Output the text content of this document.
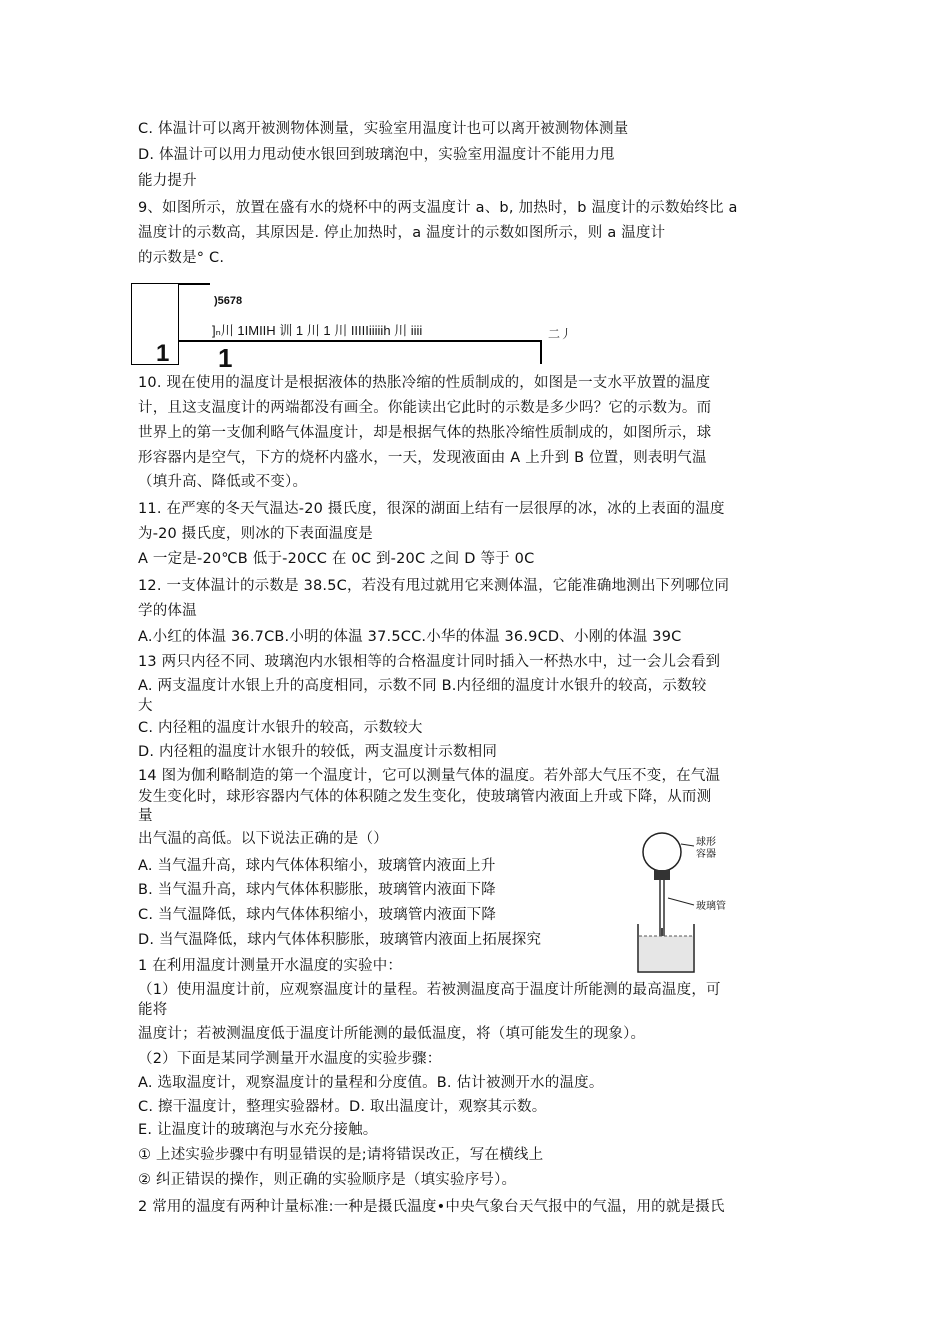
C. 体温计可以离开被测物体测量，实验室用温度计也可以离开被测物体测量
D. 体温计可以用力甩动使水银回到玻璃泡中，实验室用温度计不能用力甩
能力提升
9、如图所示，放置在盛有水的烧杯中的两支温度计 a、b, 加热时，b 温度计的示数始终比 a
温度计的示数高，其原因是. 停止加热时，a 温度计的示数如图所示，则 a 温度计
的示数是° C.
1
)5678
]ₙ川 1IMIIH 训 1 川 1 川 IIIIIiiiiih 川 iiii
1
二丿
10. 现在使用的温度计是根据液体的热胀冷缩的性质制成的，如图是一支水平放置的温度
计，且这支温度计的两端都没有画全。你能读出它此时的示数是多少吗？它的示数为。而
世界上的第一支伽利略气体温度计，却是根据气体的热胀冷缩性质制成的，如图所示，球
形容器内是空气，下方的烧杯内盛水，一天，发现液面由 A 上升到 B 位置，则表明气温
（填升高、降低或不变）。
11. 在严寒的冬天气温达-20 摄氏度，很深的湖面上结有一层很厚的冰，冰的上表面的温度
为-20 摄氏度，则冰的下表面温度是
A 一定是-20℃B 低于-20CC 在 0C 到-20C 之间 D 等于 0C
12. 一支体温计的示数是 38.5C，若没有甩过就用它来测体温，它能准确地测出下列哪位同
学的体温
A.小红的体温 36.7CB.小明的体温 37.5CC.小华的体温 36.9CD、小刚的体温 39C
13 两只内径不同、玻璃泡内水银相等的合格温度计同时插入一杯热水中，过一会儿会看到
A. 两支温度计水银上升的高度相同，示数不同 B.内径细的温度计水银升的较高，示数较
大
C. 内径粗的温度计水银升的较高，示数较大
D. 内径粗的温度计水银升的较低，两支温度计示数相同
14 图为伽利略制造的第一个温度计，它可以测量气体的温度。若外部大气压不变，在气温
发生变化时，球形容器内气体的体积随之发生变化，使玻璃管内液面上升或下降，从而测
量
出气温的高低。以下说法正确的是（）
A. 当气温升高，球内气体体积缩小，玻璃管内液面上升
B. 当气温升高，球内气体体积膨胀，玻璃管内液面下降
C. 当气温降低，球内气体体积缩小，玻璃管内液面下降
D. 当气温降低，球内气体体积膨胀，玻璃管内液面上拓展探究
球形
容器
玻璃管
1 在利用温度计测量开水温度的实验中：
（1）使用温度计前，应观察温度计的量程。若被测温度高于温度计所能测的最高温度，可
能将
温度计；若被测温度低于温度计所能测的最低温度，将（填可能发生的现象）。
（2）下面是某同学测量开水温度的实验步骤：
A. 选取温度计，观察温度计的量程和分度值。B. 估计被测开水的温度。
C. 擦干温度计，整理实验器材。D. 取出温度计，观察其示数。
E. 让温度计的玻璃泡与水充分接触。
① 上述实验步骤中有明显错误的是;请将错误改正，写在横线上
② 纠正错误的操作，则正确的实验顺序是（填实验序号）。
2 常用的温度有两种计量标准:一种是摄氏温度•中央气象台天气报中的气温，用的就是摄氏
